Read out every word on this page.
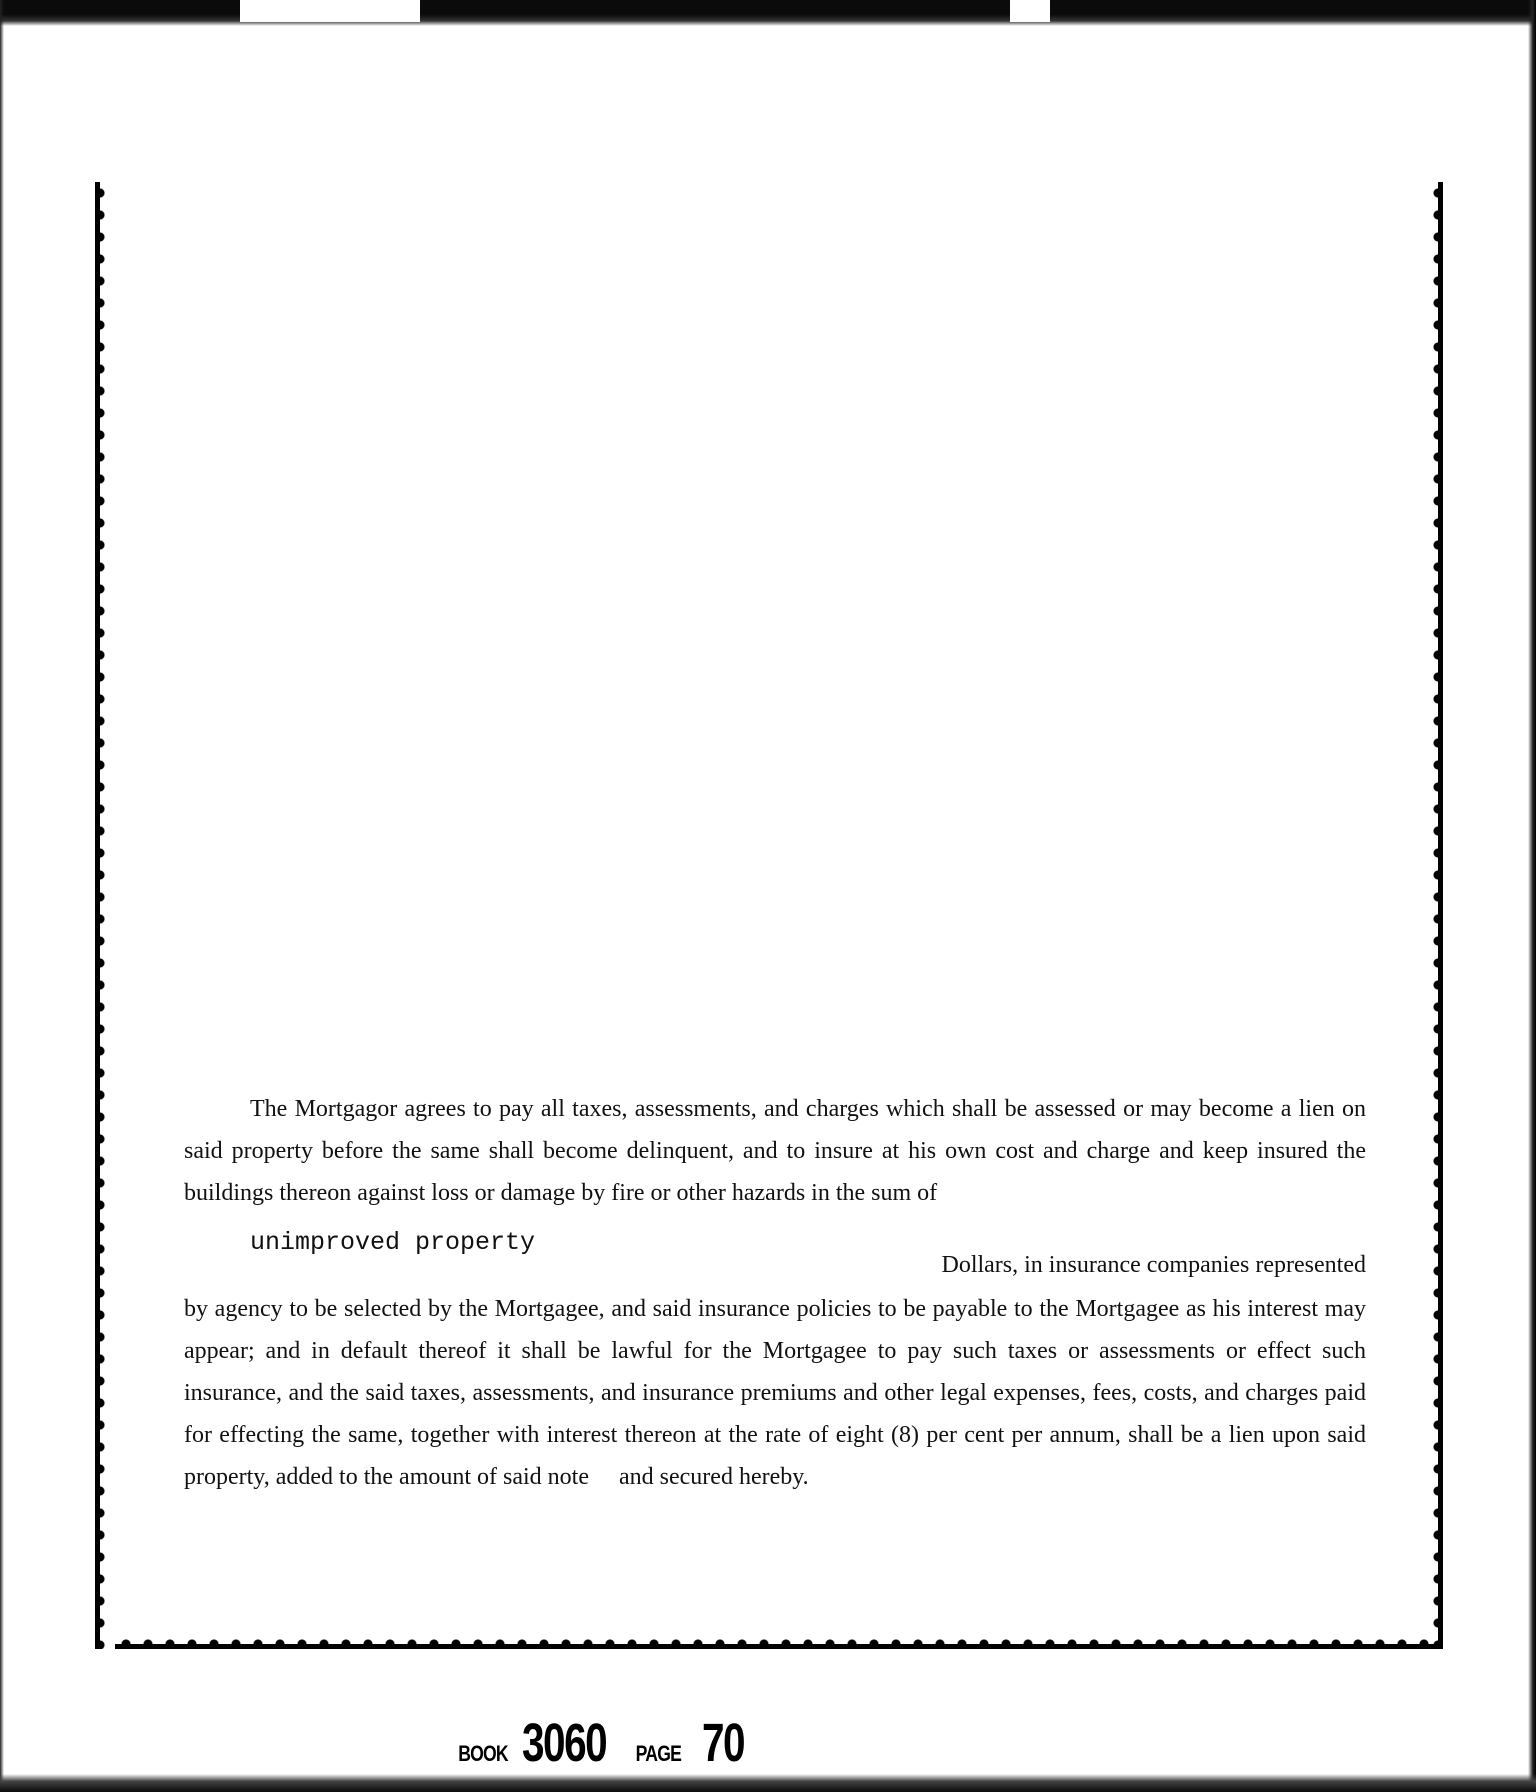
The Mortgagor agrees to pay all taxes, assessments, and charges which shall be assessed or may become a lien on said property before the same shall become delinquent, and to insure at his own cost and charge and keep insured the buildings thereon against loss or damage by fire or other hazards in the sum of

unimproved property
Dollars, in insurance companies represented

by agency to be selected by the Mortgagee, and said insurance policies to be payable to the Mortgagee as his interest may appear; and in default thereof it shall be lawful for the Mortgagee to pay such taxes or assessments or effect such insurance, and the said taxes, assessments, and insurance premiums and other legal expenses, fees, costs, and charges paid for effecting the same, together with interest thereon at the rate of eight (8) per cent per annum, shall be a lien upon said property, added to the amount of said note and secured hereby.

BOOK 3060 PAGE 70
